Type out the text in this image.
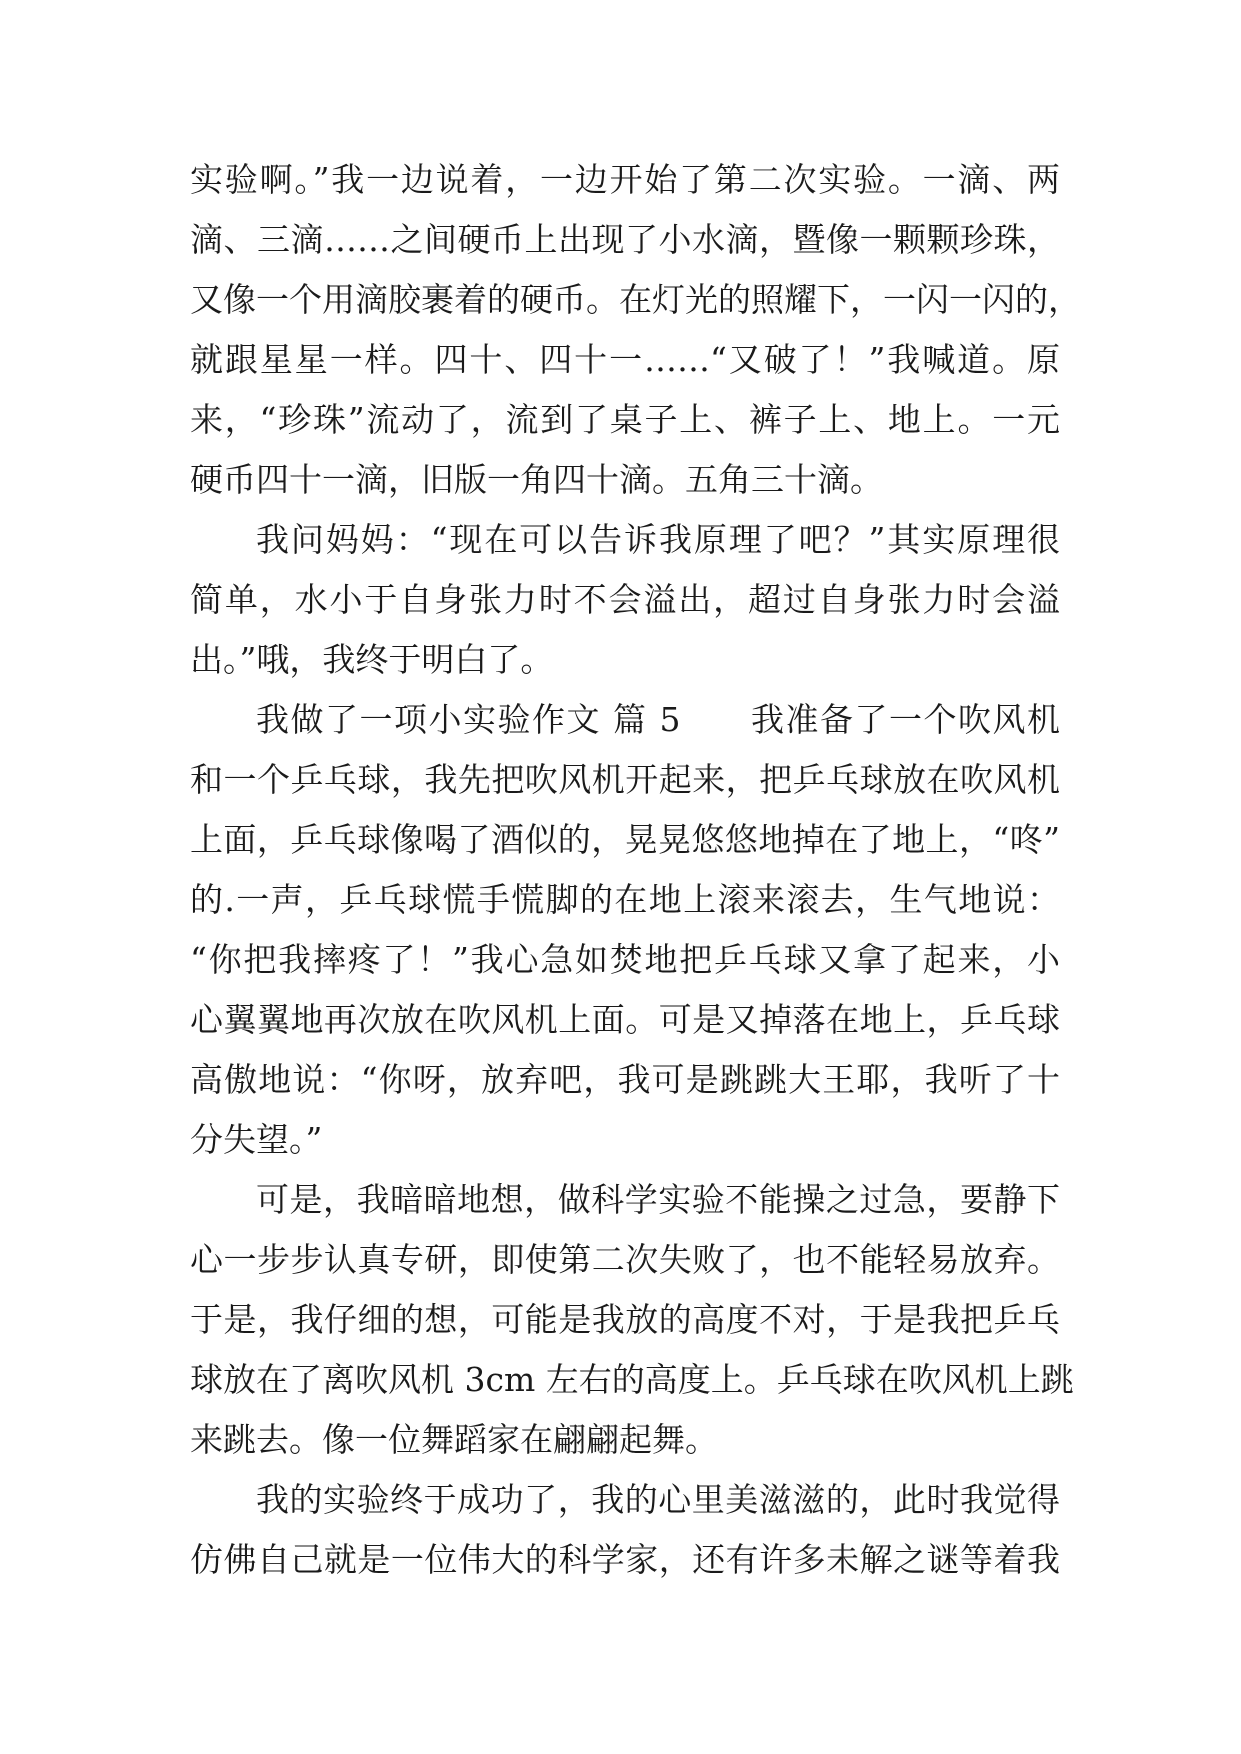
实验啊。”我一边说着，一边开始了第二次实验。一滴、两
滴、三滴……之间硬币上出现了小水滴，暨像一颗颗珍珠，
又像一个用滴胶裹着的硬币。在灯光的照耀下，一闪一闪的，
就跟星星一样。四十、四十一……“又破了！”我喊道。原
来，“珍珠”流动了，流到了桌子上、裤子上、地上。一元
硬币四十一滴，旧版一角四十滴。五角三十滴。
我问妈妈：“现在可以告诉我原理了吧？”其实原理很
简单，水小于自身张力时不会溢出，超过自身张力时会溢
出。”哦，我终于明白了。
我做了一项小实验作文 篇 5　　我准备了一个吹风机
和一个乒乓球，我先把吹风机开起来，把乒乓球放在吹风机
上面，乒乓球像喝了酒似的，晃晃悠悠地掉在了地上，“咚”
的.一声，乒乓球慌手慌脚的在地上滚来滚去，生气地说：
“你把我摔疼了！”我心急如焚地把乒乓球又拿了起来，小
心翼翼地再次放在吹风机上面。可是又掉落在地上，乒乓球
高傲地说：“你呀，放弃吧，我可是跳跳大王耶，我听了十
分失望。”
可是，我暗暗地想，做科学实验不能操之过急，要静下
心一步步认真专研，即使第二次失败了，也不能轻易放弃。
于是，我仔细的想，可能是我放的高度不对，于是我把乒乓
球放在了离吹风机 3cm 左右的高度上。乒乓球在吹风机上跳
来跳去。像一位舞蹈家在翩翩起舞。
我的实验终于成功了，我的心里美滋滋的，此时我觉得
仿佛自己就是一位伟大的科学家，还有许多未解之谜等着我
